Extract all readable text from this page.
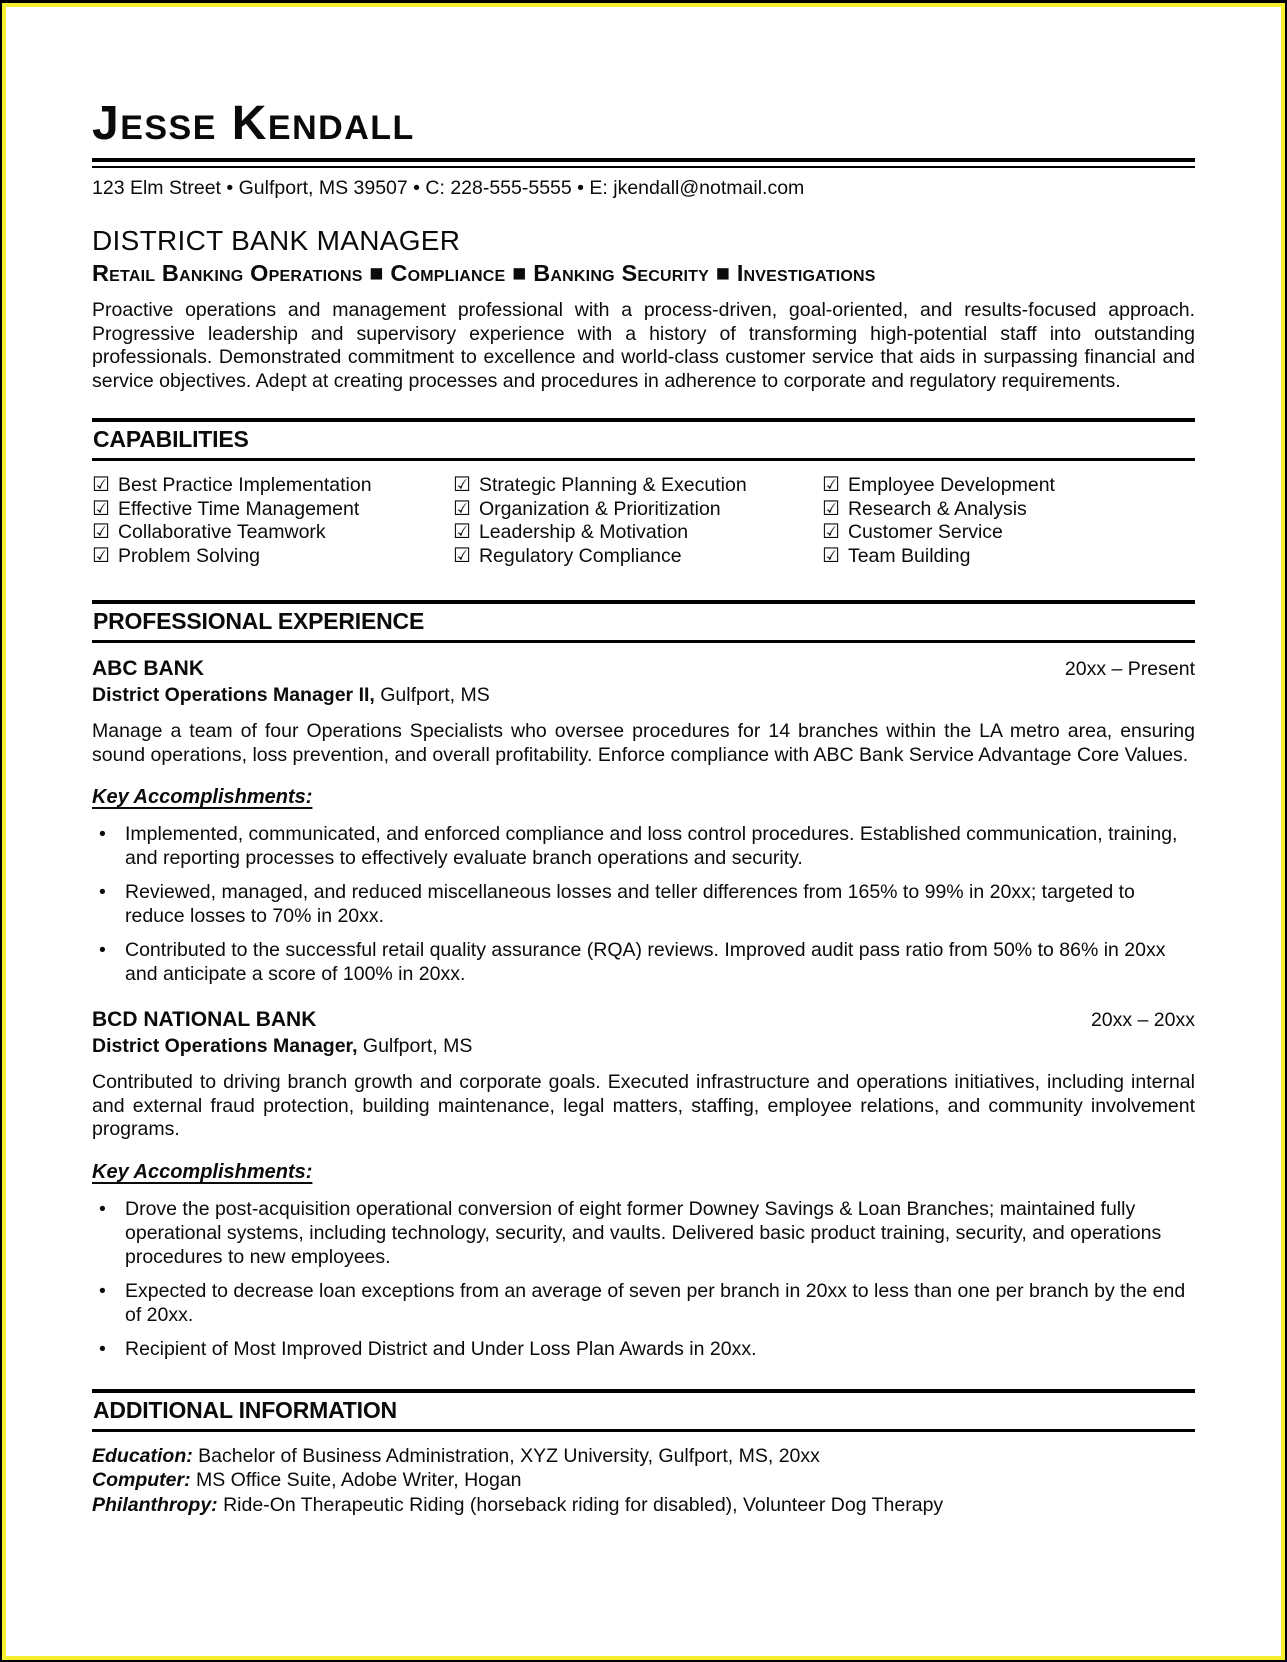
Jesse Kendall
123 Elm Street • Gulfport, MS 39507 • C: 228-555-5555 • E: jkendall@notmail.com
DISTRICT BANK MANAGER
Retail Banking Operations ■ Compliance ■ Banking Security ■ Investigations

Proactive operations and management professional with a process-driven, goal-oriented, and results-focused approach. Progressive leadership and supervisory experience with a history of transforming high-potential staff into outstanding professionals. Demonstrated commitment to excellence and world-class customer service that aids in surpassing financial and service objectives. Adept at creating processes and procedures in adherence to corporate and regulatory requirements.

CAPABILITIES
☑ Best Practice Implementation
☑ Effective Time Management
☑ Collaborative Teamwork
☑ Problem Solving
☑ Strategic Planning & Execution
☑ Organization & Prioritization
☑ Leadership & Motivation
☑ Regulatory Compliance
☑ Employee Development
☑ Research & Analysis
☑ Customer Service
☑ Team Building
PROFESSIONAL EXPERIENCE
ABC BANK	20xx – Present
District Operations Manager II, Gulfport, MS

Manage a team of four Operations Specialists who oversee procedures for 14 branches within the LA metro area, ensuring sound operations, loss prevention, and overall profitability. Enforce compliance with ABC Bank Service Advantage Core Values.

Key Accomplishments:
• Implemented, communicated, and enforced compliance and loss control procedures. Established communication, training, and reporting processes to effectively evaluate branch operations and security.
• Reviewed, managed, and reduced miscellaneous losses and teller differences from 165% to 99% in 20xx; targeted to reduce losses to 70% in 20xx.
• Contributed to the successful retail quality assurance (RQA) reviews. Improved audit pass ratio from 50% to 86% in 20xx and anticipate a score of 100% in 20xx.
BCD NATIONAL BANK	20xx – 20xx
District Operations Manager, Gulfport, MS

Contributed to driving branch growth and corporate goals. Executed infrastructure and operations initiatives, including internal and external fraud protection, building maintenance, legal matters, staffing, employee relations, and community involvement programs.

Key Accomplishments:
• Drove the post-acquisition operational conversion of eight former Downey Savings & Loan Branches; maintained fully operational systems, including technology, security, and vaults. Delivered basic product training, security, and operations procedures to new employees.
• Expected to decrease loan exceptions from an average of seven per branch in 20xx to less than one per branch by the end of 20xx.
• Recipient of Most Improved District and Under Loss Plan Awards in 20xx.
ADDITIONAL INFORMATION
Education: Bachelor of Business Administration, XYZ University, Gulfport, MS, 20xx
Computer: MS Office Suite, Adobe Writer, Hogan
Philanthropy: Ride-On Therapeutic Riding (horseback riding for disabled), Volunteer Dog Therapy
